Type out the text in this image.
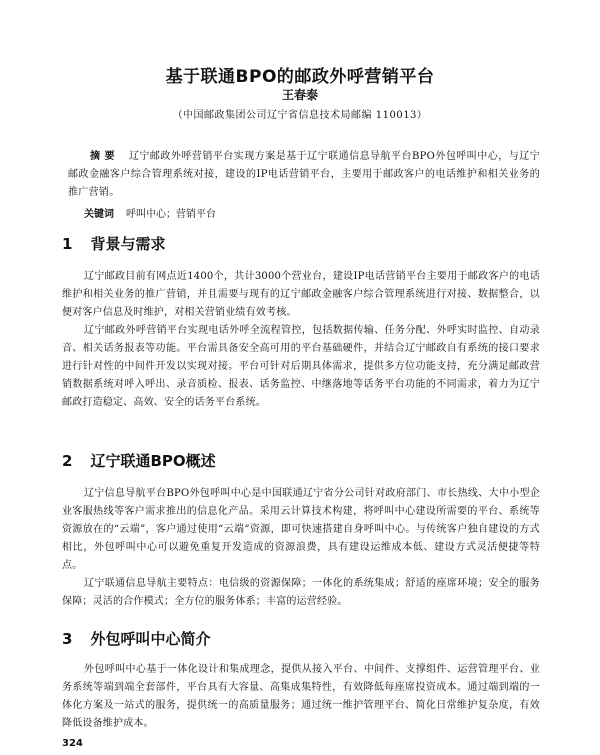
基于联通BPO的邮政外呼营销平台
王春泰
（中国邮政集团公司辽宁省信息技术局邮编 110013）

摘 要 辽宁邮政外呼营销平台实现方案是基于辽宁联通信息导航平台BPO外包呼叫中心，与辽宁邮政金融客户综合管理系统对接，建设的IP电话营销平台，主要用于邮政客户的电话维护和相关业务的推广营销。

关键词 呼叫中心；营销平台
1 背景与需求

辽宁邮政目前有网点近1400个，共计3000个营业台，建设IP电话营销平台主要用于邮政客户的电话维护和相关业务的推广营销，并且需要与现有的辽宁邮政金融客户综合管理系统进行对接、数据整合，以便对客户信息及时维护，对相关营销业绩有效考核。

辽宁邮政外呼营销平台实现电话外呼全流程管控，包括数据传输、任务分配、外呼实时监控、自动录音、相关话务报表等功能。平台需具备安全高可用的平台基础硬件，并结合辽宁邮政自有系统的接口要求进行针对性的中间件开发以实现对接。平台可针对后期具体需求，提供多方位功能支持，充分满足邮政营销数据系统对呼入呼出、录音质检、报表、话务监控、中继落地等话务平台功能的不同需求，着力为辽宁邮政打造稳定、高效、安全的话务平台系统。

2 辽宁联通BPO概述

辽宁信息导航平台BPO外包呼叫中心是中国联通辽宁省分公司针对政府部门、市长热线、大中小型企业客服热线等客户需求推出的信息化产品。采用云计算技术构建，将呼叫中心建设所需要的平台、系统等资源放在的“云端”，客户通过使用“云端”资源，即可快速搭建自身呼叫中心。与传统客户独自建设的方式相比，外包呼叫中心可以避免重复开发造成的资源浪费，具有建设运维成本低、建设方式灵活便捷等特点。

辽宁联通信息导航主要特点：电信级的资源保障；一体化的系统集成；舒适的座席环境；安全的服务保障；灵活的合作模式；全方位的服务体系；丰富的运营经验。

3 外包呼叫中心简介

外包呼叫中心基于一体化设计和集成理念，提供从接入平台、中间件、支撑组件、运营管理平台、业务系统等端到端全套部件，平台具有大容量、高集成集特性，有效降低每座席投资成本。通过端到端的一体化方案及一站式的服务，提供统一的高质量服务；通过统一维护管理平台、简化日常维护复杂度，有效降低设备维护成本。

324
